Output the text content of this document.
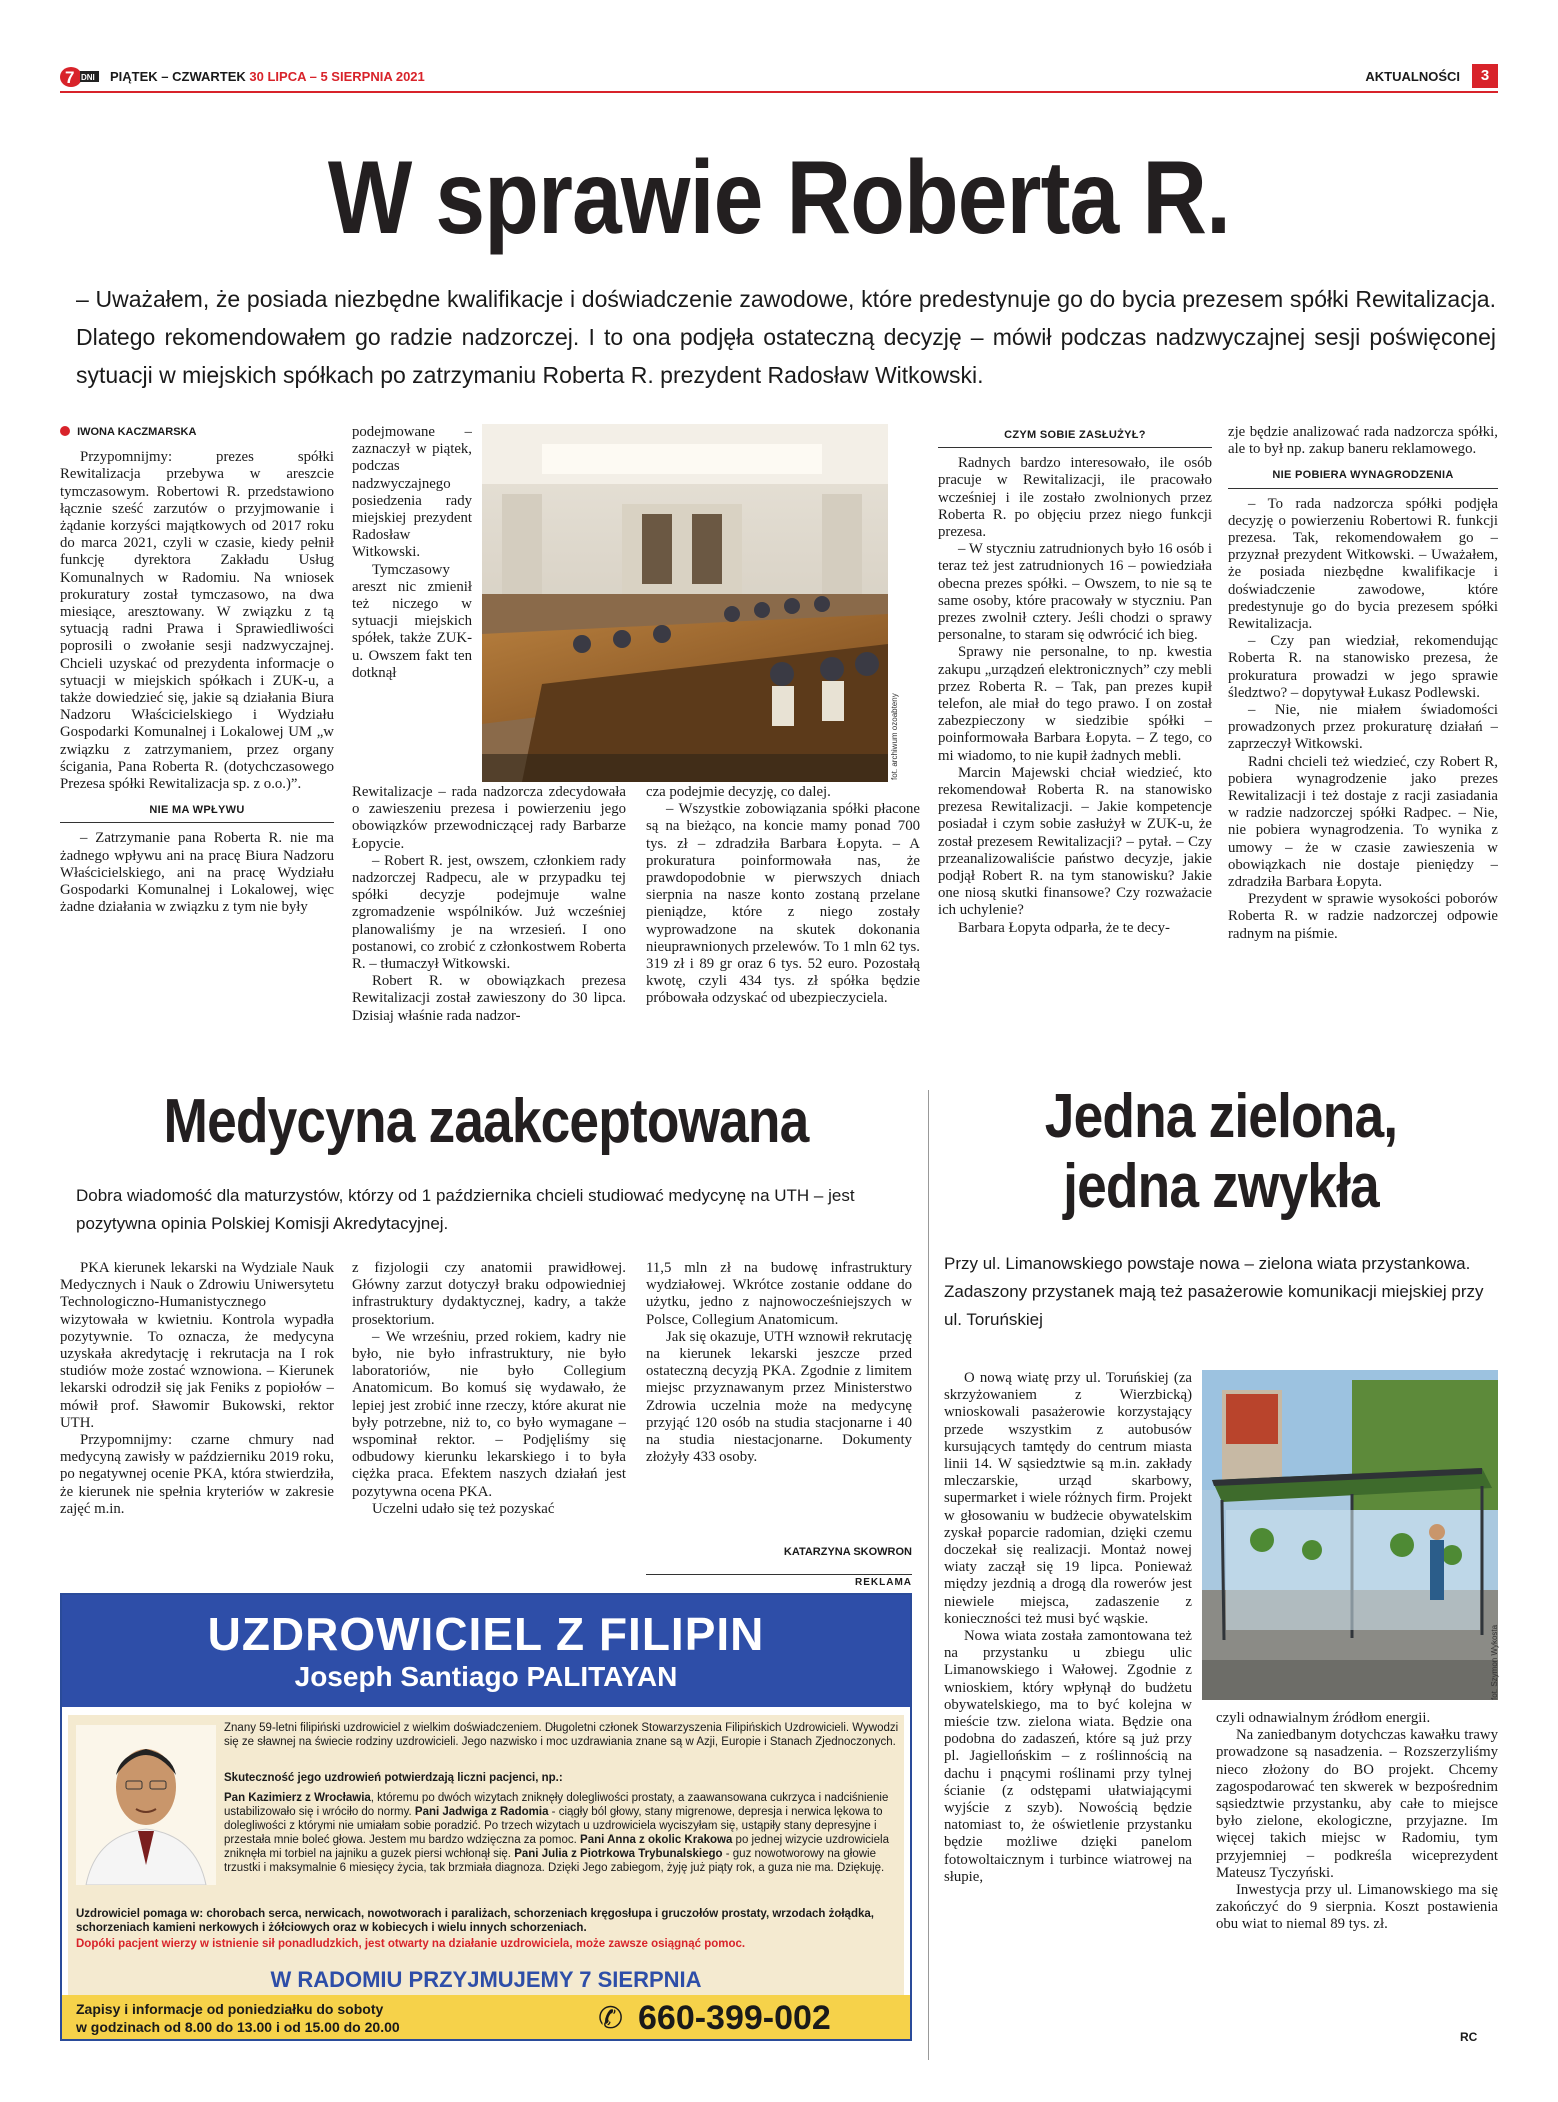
7 DNI PIĄTEK – CZWARTEK 30 LIPCA – 5 SIERPNIA 2021	AKTUALNOŚCI	3
W sprawie Roberta R.
– Uważałem, że posiada niezbędne kwalifikacje i doświadczenie zawodowe, które predestynuje go do bycia prezesem spółki Rewitalizacja. Dlatego rekomendowałem go radzie nadzorczej. I to ona podjęła ostateczną decyzję – mówił podczas nadzwyczajnej sesji poświęconej sytuacji w miejskich spółkach po zatrzymaniu Roberta R. prezydent Radosław Witkowski.
IWONA KACZMARSKA

Przypomnijmy: prezes spółki Rewitalizacja przebywa w areszcie tymczasowym. Robertowi R. przedstawiono łącznie sześć zarzutów o przyjmowanie i żądanie korzyści majątkowych od 2017 roku do marca 2021, czyli w czasie, kiedy pełnił funkcję dyrektora Zakładu Usług Komunalnych w Radomiu. Na wniosek prokuratury został tymczasowo, na dwa miesiące, aresztowany. W związku z tą sytuacją radni Prawa i Sprawiedliwości poprosili o zwołanie sesji nadzwyczajnej. Chcieli uzyskać od prezydenta informacje o sytuacji w miejskich spółkach i ZUK-u, a także dowiedzieć się, jakie są działania Biura Nadzoru Właścicielskiego i Wydziału Gospodarki Komunalnej i Lokalowej UM „w związku z zatrzymaniem, przez organy ścigania, Pana Roberta R. (dotychczasowego Prezesa spółki Rewitalizacja sp. z o.o.)”.

NIE MA WPŁYWU

– Zatrzymanie pana Roberta R. nie ma żadnego wpływu ani na pracę Biura Nadzoru Właścicielskiego, ani na pracę Wydziału Gospodarki Komunalnej i Lokalowej, więc żadne działania w związku z tym nie były

podejmowane – zaznaczył w piątek, podczas nadzwyczajnego posiedzenia rady miejskiej prezydent Radosław Witkowski.

Tymczasowy areszt nic zmienił też niczego w sytuacji miejskich spółek, także ZUK-u. Owszem fakt ten dotknął

fot. archiwum ozoabteny

Rewitalizacje – rada nadzorcza zdecydowała o zawieszeniu prezesa i powierzeniu jego obowiązków przewodniczącej rady Barbarze Łopycie.

– Robert R. jest, owszem, członkiem rady nadzorczej Radpecu, ale w przypadku tej spółki decyzje podejmuje walne zgromadzenie wspólników. Już wcześniej planowaliśmy je na wrzesień. I ono postanowi, co zrobić z członkostwem Roberta R. – tłumaczył Witkowski.

Robert R. w obowiązkach prezesa Rewitalizacji został zawieszony do 30 lipca. Dzisiaj właśnie rada nadzor-

cza podejmie decyzję, co dalej.

– Wszystkie zobowiązania spółki płacone są na bieżąco, na koncie mamy ponad 700 tys. zł – zdradziła Barbara Łopyta. – A prokuratura poinformowała nas, że prawdopodobnie w pierwszych dniach sierpnia na nasze konto zostaną przelane pieniądze, które z niego zostały wyprowadzone na skutek dokonania nieuprawnionych przelewów. To 1 mln 62 tys. 319 zł i 89 gr oraz 6 tys. 52 euro. Pozostałą kwotę, czyli 434 tys. zł spółka będzie próbowała odzyskać od ubezpieczyciela.

CZYM SOBIE ZASŁUŻYŁ?

Radnych bardzo interesowało, ile osób pracuje w Rewitalizacji, ile pracowało wcześniej i ile zostało zwolnionych przez Roberta R. po objęciu przez niego funkcji prezesa.

– W styczniu zatrudnionych było 16 osób i teraz też jest zatrudnionych 16 – powiedziała obecna prezes spółki. – Owszem, to nie są te same osoby, które pracowały w styczniu. Pan prezes zwolnił cztery. Jeśli chodzi o sprawy personalne, to staram się odwrócić ich bieg.

Sprawy nie personalne, to np. kwestia zakupu „urządzeń elektronicznych” czy mebli przez Roberta R. – Tak, pan prezes kupił telefon, ale miał do tego prawo. I on został zabezpieczony w siedzibie spółki – poinformowała Barbara Łopyta. – Z tego, co mi wiadomo, to nie kupił żadnych mebli.

Marcin Majewski chciał wiedzieć, kto rekomendował Roberta R. na stanowisko prezesa Rewitalizacji. – Jakie kompetencje posiadał i czym sobie zasłużył w ZUK-u, że został prezesem Rewitalizacji? – pytał. – Czy przeanalizowaliście państwo decyzje, jakie podjął Robert R. na tym stanowisku? Jakie one niosą skutki finansowe? Czy rozważacie ich uchylenie?

Barbara Łopyta odparła, że te decy-

zje będzie analizować rada nadzorcza spółki, ale to był np. zakup baneru reklamowego.

NIE POBIERA WYNAGRODZENIA

– To rada nadzorcza spółki podjęła decyzję o powierzeniu Robertowi R. funkcji prezesa. Tak, rekomendowałem go – przyznał prezydent Witkowski. – Uważałem, że posiada niezbędne kwalifikacje i doświadczenie zawodowe, które predestynuje go do bycia prezesem spółki Rewitalizacja.

– Czy pan wiedział, rekomendując Roberta R. na stanowisko prezesa, że prokuratura prowadzi w jego sprawie śledztwo? – dopytywał Łukasz Podlewski.

– Nie, nie miałem świadomości prowadzonych przez prokuraturę działań – zaprzeczył Witkowski.

Radni chcieli też wiedzieć, czy Robert R, pobiera wynagrodzenie jako prezes Rewitalizacji i też dostaje z racji zasiadania w radzie nadzorczej spółki Radpec. – Nie, nie pobiera wynagrodzenia. To wynika z umowy – że w czasie zawieszenia w obowiązkach nie dostaje pieniędzy – zdradziła Barbara Łopyta.

Prezydent w sprawie wysokości poborów Roberta R. w radzie nadzorczej odpowie radnym na piśmie.

Medycyna zaakceptowana
Dobra wiadomość dla maturzystów, którzy od 1 października chcieli studiować medycynę na UTH – jest pozytywna opinia Polskiej Komisji Akredytacyjnej.

PKA kierunek lekarski na Wydziale Nauk Medycznych i Nauk o Zdrowiu Uniwersytetu Technologiczno-Humanistycznego wizytowała w kwietniu. Kontrola wypadła pozytywnie. To oznacza, że medycyna uzyskała akredytację i rekrutacja na I rok studiów może zostać wznowiona. – Kierunek lekarski odrodził się jak Feniks z popiołów – mówił prof. Sławomir Bukowski, rektor UTH.

Przypomnijmy: czarne chmury nad medycyną zawisły w październiku 2019 roku, po negatywnej ocenie PKA, która stwierdziła, że kierunek nie spełnia kryteriów w zakresie zajęć m.in.

z fizjologii czy anatomii prawidłowej. Główny zarzut dotyczył braku odpowiedniej infrastruktury dydaktycznej, kadry, a także prosektorium.

– We wrześniu, przed rokiem, kadry nie było, nie było infrastruktury, nie było laboratoriów, nie było Collegium Anatomicum. Bo komuś się wydawało, że lepiej jest zrobić inne rzeczy, które akurat nie były potrzebne, niż to, co było wymagane – wspominał rektor. – Podjęliśmy się odbudowy kierunku lekarskiego i to była ciężka praca. Efektem naszych działań jest pozytywna ocena PKA.

Uczelni udało się też pozyskać

11,5 mln zł na budowę infrastruktury wydziałowej. Wkrótce zostanie oddane do użytku, jedno z najnowocześniejszych w Polsce, Collegium Anatomicum.

Jak się okazuje, UTH wznowił rekrutację na kierunek lekarski jeszcze przed ostateczną decyzją PKA. Zgodnie z limitem miejsc przyznawanym przez Ministerstwo Zdrowia uczelnia może na medycynę przyjąć 120 osób na studia stacjonarne i 40 na studia niestacjonarne. Dokumenty złożyły 433 osoby.

KATARZYNA SKOWRON
REKLAMA
UZDROWICIEL Z FILIPIN
Joseph Santiago PALITAYAN
Znany 59-letni filipiński uzdrowiciel z wielkim doświadczeniem. Długoletni członek Stowarzyszenia Filipińskich Uzdrowicieli. Wywodzi się ze sławnej na świecie rodziny uzdrowicieli. Jego nazwisko i moc uzdrawiania znane są w Azji, Europie i Stanach Zjednoczonych.
Skuteczność jego uzdrowień potwierdzają liczni pacjenci, np.:
Pan Kazimierz z Wrocławia, któremu po dwóch wizytach zniknęły dolegliwości prostaty, a zaawansowana cukrzyca i nadciśnienie ustabilizowało się i wróciło do normy. Pani Jadwiga z Radomia - ciągły ból głowy, stany migrenowe, depresja i nerwica lękowa to dolegliwości z którymi nie umiałam sobie poradzić. Po trzech wizytach u uzdrowiciela wyciszyłam się, ustąpiły stany depresyjne i przestała mnie boleć głowa. Jestem mu bardzo wdzięczna za pomoc. Pani Anna z okolic Krakowa po jednej wizycie uzdrowiciela zniknęła mi torbiel na jajniku a guzek piersi wchłonął się. Pani Julia z Piotrkowa Trybunalskiego - guz nowotworowy na głowie trzustki i maksymalnie 6 miesięcy życia, tak brzmiała diagnoza. Dzięki Jego zabiegom, żyję już piąty rok, a guza nie ma. Dziękuję.
Uzdrowiciel pomaga w: chorobach serca, nerwicach, nowotworach i paraliżach, schorzeniach kręgosłupa i gruczołów prostaty, wrzodach żołądka, schorzeniach kamieni nerkowych i żółciowych oraz w kobiecych i wielu innych schorzeniach.
Dopóki pacjent wierzy w istnienie sił ponadludzkich, jest otwarty na działanie uzdrowiciela, może zawsze osiągnąć pomoc.
W RADOMIU PRZYJMUJEMY 7 SIERPNIA
Zapisy i informacje od poniedziałku do soboty
w godzinach od 8.00 do 13.00 i od 15.00 do 20.00	✆ 660-399-002
Jedna zielona,
jedna zwykła
Przy ul. Limanowskiego powstaje nowa – zielona wiata przystankowa. Zadaszony przystanek mają też pasażerowie komunikacji miejskiej przy ul. Toruńskiej
fot. Szymon Wykosta

O nową wiatę przy ul. Toruńskiej (za skrzyżowaniem z Wierzbicką) wnioskowali pasażerowie korzystający przede wszystkim z autobusów kursujących tamtędy do centrum miasta linii 14. W sąsiedztwie są m.in. zakłady mleczarskie, urząd skarbowy, supermarket i wiele różnych firm. Projekt w głosowaniu w budżecie obywatelskim zyskał poparcie radomian, dzięki czemu doczekał się realizacji. Montaż nowej wiaty zaczął się 19 lipca. Ponieważ między jezdnią a drogą dla rowerów jest niewiele miejsca, zadaszenie z konieczności też musi być wąskie.

Nowa wiata została zamontowana też na przystanku u zbiegu ulic Limanowskiego i Wałowej. Zgodnie z wnioskiem, który wpłynął do budżetu obywatelskiego, ma to być kolejna w mieście tzw. zielona wiata. Będzie ona podobna do zadaszeń, które są już przy pl. Jagiellońskim – z roślinnością na dachu i pnącymi roślinami przy tylnej ścianie (z odstępami ułatwiającymi wyjście z szyb). Nowością będzie natomiast to, że oświetlenie przystanku będzie możliwe dzięki panelom fotowoltaicznym i turbince wiatrowej na słupie,

czyli odnawialnym źródłom energii.

Na zaniedbanym dotychczas kawałku trawy prowadzone są nasadzenia. – Rozszerzyliśmy nieco złożony do BO projekt. Chcemy zagospodarować ten skwerek w bezpośrednim sąsiedztwie przystanku, aby całe to miejsce było zielone, ekologiczne, przyjazne. Im więcej takich miejsc w Radomiu, tym przyjemniej – podkreśla wiceprezydent Mateusz Tyczyński.

Inwestycja przy ul. Limanowskiego ma się zakończyć do 9 sierpnia. Koszt postawienia obu wiat to niemal 89 tys. zł.

RC
